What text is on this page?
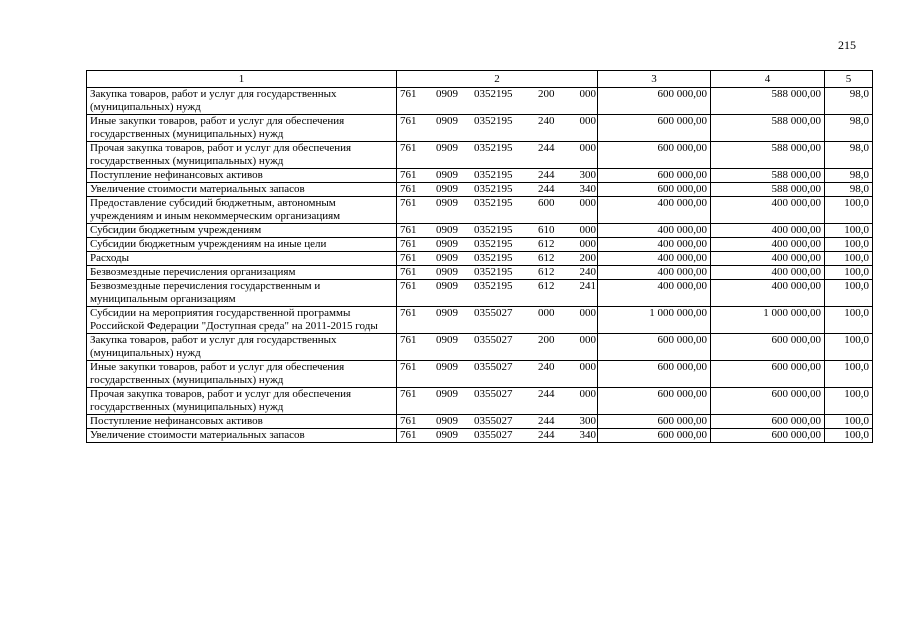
215
1	2	3	4	5
Закупка товаров, работ и услуг для государственных (муниципальных) нужд	761 0909 0352195 200 000	600 000,00	588 000,00	98,0
Иные закупки товаров, работ и услуг для обеспечения государственных (муниципальных) нужд	761 0909 0352195 240 000	600 000,00	588 000,00	98,0
Прочая закупка товаров, работ и услуг для обеспечения государственных (муниципальных) нужд	761 0909 0352195 244 000	600 000,00	588 000,00	98,0
Поступление нефинансовых активов	761 0909 0352195 244 300	600 000,00	588 000,00	98,0
Увеличение стоимости материальных запасов	761 0909 0352195 244 340	600 000,00	588 000,00	98,0
Предоставление субсидий бюджетным, автономным учреждениям и иным некоммерческим организациям	761 0909 0352195 600 000	400 000,00	400 000,00	100,0
Субсидии бюджетным учреждениям	761 0909 0352195 610 000	400 000,00	400 000,00	100,0
Субсидии бюджетным учреждениям на иные цели	761 0909 0352195 612 000	400 000,00	400 000,00	100,0
Расходы	761 0909 0352195 612 200	400 000,00	400 000,00	100,0
Безвозмездные перечисления организациям	761 0909 0352195 612 240	400 000,00	400 000,00	100,0
Безвозмездные перечисления государственным и муниципальным организациям	761 0909 0352195 612 241	400 000,00	400 000,00	100,0
Субсидии на мероприятия государственной программы Российской Федерации "Доступная среда" на 2011-2015 годы	761 0909 0355027 000 000	1 000 000,00	1 000 000,00	100,0
Закупка товаров, работ и услуг для государственных (муниципальных) нужд	761 0909 0355027 200 000	600 000,00	600 000,00	100,0
Иные закупки товаров, работ и услуг для обеспечения государственных (муниципальных) нужд	761 0909 0355027 240 000	600 000,00	600 000,00	100,0
Прочая закупка товаров, работ и услуг для обеспечения государственных (муниципальных) нужд	761 0909 0355027 244 000	600 000,00	600 000,00	100,0
Поступление нефинансовых активов	761 0909 0355027 244 300	600 000,00	600 000,00	100,0
Увеличение стоимости материальных запасов	761 0909 0355027 244 340	600 000,00	600 000,00	100,0
